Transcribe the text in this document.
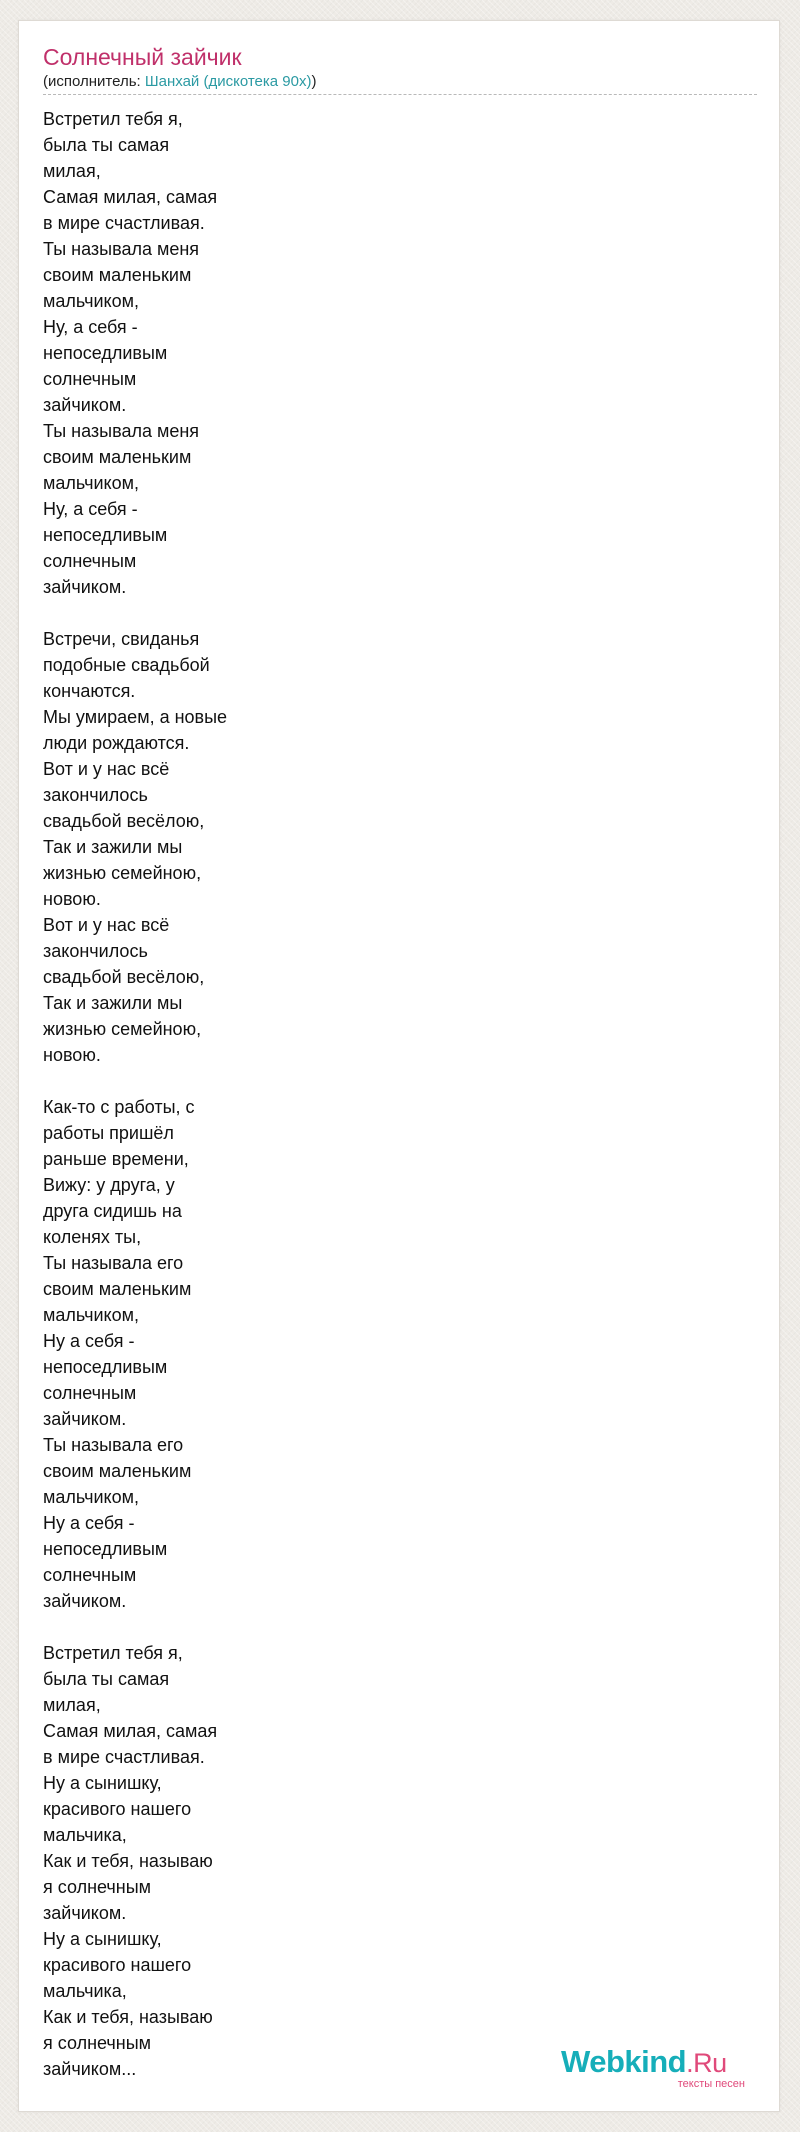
Солнечный зайчик
(исполнитель: Шанхай (дискотека 90х))
Встретил тебя я,
была ты самая
милая,
Самая милая, самая
в мире счастливая.
Ты называла меня
своим маленьким
мальчиком,
Ну, а себя -
непоседливым
солнечным
зайчиком.
Ты называла меня
своим маленьким
мальчиком,
Ну, а себя -
непоседливым
солнечным
зайчиком.
Встречи, свиданья
подобные свадьбой
кончаются.
Мы умираем, а новые
люди рождаются.
Вот и у нас всё
закончилось
свадьбой весёлою,
Так и зажили мы
жизнью семейною,
новою.
Вот и у нас всё
закончилось
свадьбой весёлою,
Так и зажили мы
жизнью семейною,
новою.
Как-то с работы, с
работы пришёл
раньше времени,
Вижу: у друга, у
друга сидишь на
коленях ты,
Ты называла его
своим маленьким
мальчиком,
Ну а себя -
непоседливым
солнечным
зайчиком.
Ты называла его
своим маленьким
мальчиком,
Ну а себя -
непоседливым
солнечным
зайчиком.
Встретил тебя я,
была ты самая
милая,
Самая милая, самая
в мире счастливая.
Ну а сынишку,
красивого нашего
мальчика,
Как и тебя, называю
я солнечным
зайчиком.
Ну а сынишку,
красивого нашего
мальчика,
Как и тебя, называю
я солнечным
зайчиком...	Webkind.Ru
тексты песен
